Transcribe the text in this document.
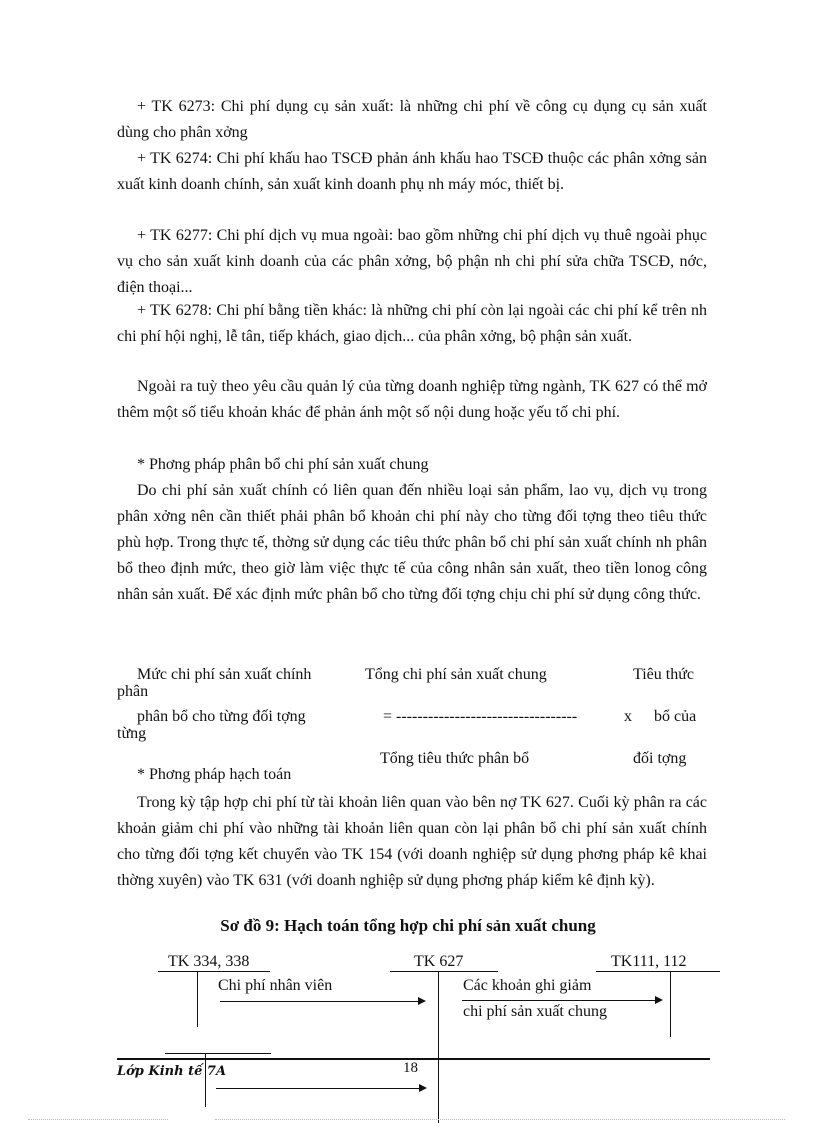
+ TK 6273: Chi phí dụng cụ sản xuất: là những chi phí về công cụ dụng cụ sản xuất dùng cho phân xởng

+ TK 6274: Chi phí khấu hao TSCĐ phản ánh khấu hao TSCĐ thuộc các phân xởng sản xuất kinh doanh chính, sản xuất kinh doanh phụ nh máy móc, thiết bị.

+ TK 6277: Chi phí dịch vụ mua ngoài: bao gồm những chi phí dịch vụ thuê ngoài phục vụ cho sản xuất kinh doanh của các phân xởng, bộ phận nh chi phí sửa chữa TSCĐ, nớc, điện thoại...

+ TK 6278: Chi phí bằng tiền khác: là những chi phí còn lại ngoài các chi phí kể trên nh chi phí hội nghị, lễ tân, tiếp khách, giao dịch... của phân xởng, bộ phận sản xuất.

Ngoài ra tuỳ theo yêu cầu quản lý của từng doanh nghiệp từng ngành, TK 627 có thể mở thêm một số tiểu khoản khác để phản ánh một số nội dung hoặc yếu tố chi phí.

* Phơng pháp phân bổ chi phí sản xuất chung

Do chi phí sản xuất chính có liên quan đến nhiều loại sản phẩm, lao vụ, dịch vụ trong phân xởng nên cần thiết phải phân bổ khoản chi phí này cho từng đối tợng theo tiêu thức phù hợp. Trong thực tế, thờng sử dụng các tiêu thức phân bổ chi phí sản xuất chính nh phân bổ theo định mức, theo giờ làm việc thực tế của công nhân sản xuất, theo tiền lonog công nhân sản xuất. Để xác định mức phân bổ cho từng đối tợng chịu chi phí sử dụng công thức.

Mức chi phí sản xuất chính	Tổng chi phí sản xuất chung	Tiêu thức
phân
phân bổ cho từng đối tợng	= ----------------------------------	x bổ của
từng
Tổng tiêu thức phân bổ	đối tợng
* Phơng pháp hạch toán

Trong kỳ tập hợp chi phí từ tài khoản liên quan vào bên nợ TK 627. Cuối kỳ phân ra các khoản giảm chi phí vào những tài khoản liên quan còn lại phân bổ chi phí sản xuất chính cho từng đối tợng kết chuyển vào TK 154 (với doanh nghiệp sử dụng phơng pháp kê khai thờng xuyên) vào TK 631 (với doanh nghiệp sử dụng phơng pháp kiểm kê định kỳ).

Sơ đồ 9: Hạch toán tổng hợp chi phí sản xuất chung

TK 334, 338	TK 627	TK111, 112
Chi phí nhân viên	Các khoản ghi giảm
chi phí sản xuất chung
Lớp Kinh tế 7A	18
